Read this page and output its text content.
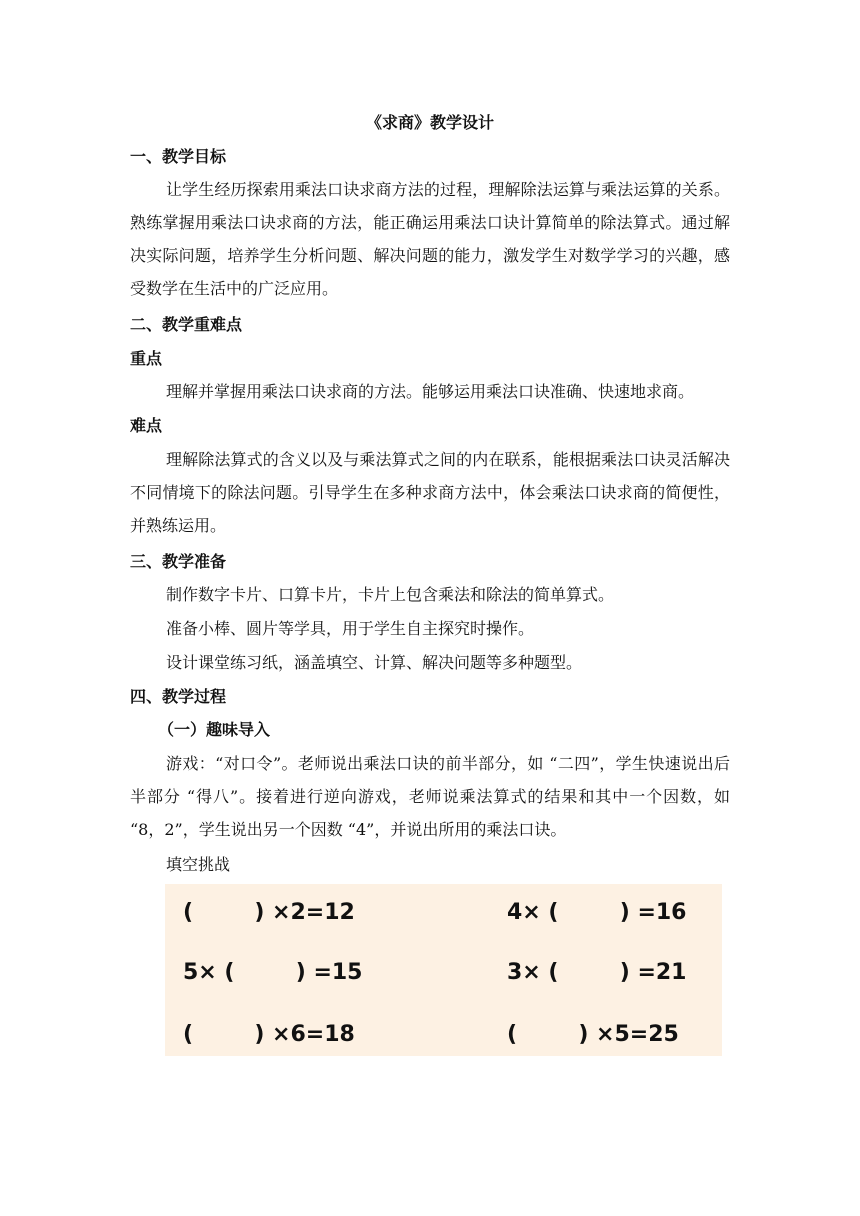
《求商》教学设计
一、教学目标
让学生经历探索用乘法口诀求商方法的过程，理解除法运算与乘法运算的关系。熟练掌握用乘法口诀求商的方法，能正确运用乘法口诀计算简单的除法算式。通过解决实际问题，培养学生分析问题、解决问题的能力，激发学生对数学学习的兴趣，感受数学在生活中的广泛应用。
二、教学重难点
重点
理解并掌握用乘法口诀求商的方法。能够运用乘法口诀准确、快速地求商。
难点
理解除法算式的含义以及与乘法算式之间的内在联系，能根据乘法口诀灵活解决不同情境下的除法问题。引导学生在多种求商方法中，体会乘法口诀求商的简便性，并熟练运用。
三、教学准备
制作数字卡片、口算卡片，卡片上包含乘法和除法的简单算式。
准备小棒、圆片等学具，用于学生自主探究时操作。
设计课堂练习纸，涵盖填空、计算、解决问题等多种题型。
四、教学过程
（一）趣味导入
游戏：“对口令”。老师说出乘法口诀的前半部分，如 “二四”，学生快速说出后半部分 “得八”。接着进行逆向游戏，老师说乘法算式的结果和其中一个因数，如 “8，2”，学生说出另一个因数 “4”，并说出所用的乘法口诀。
填空挑战
(        ) ×2=12	4× (        ) =16
5× (        ) =15	3× (        ) =21
(        ) ×6=18	(        ) ×5=25
